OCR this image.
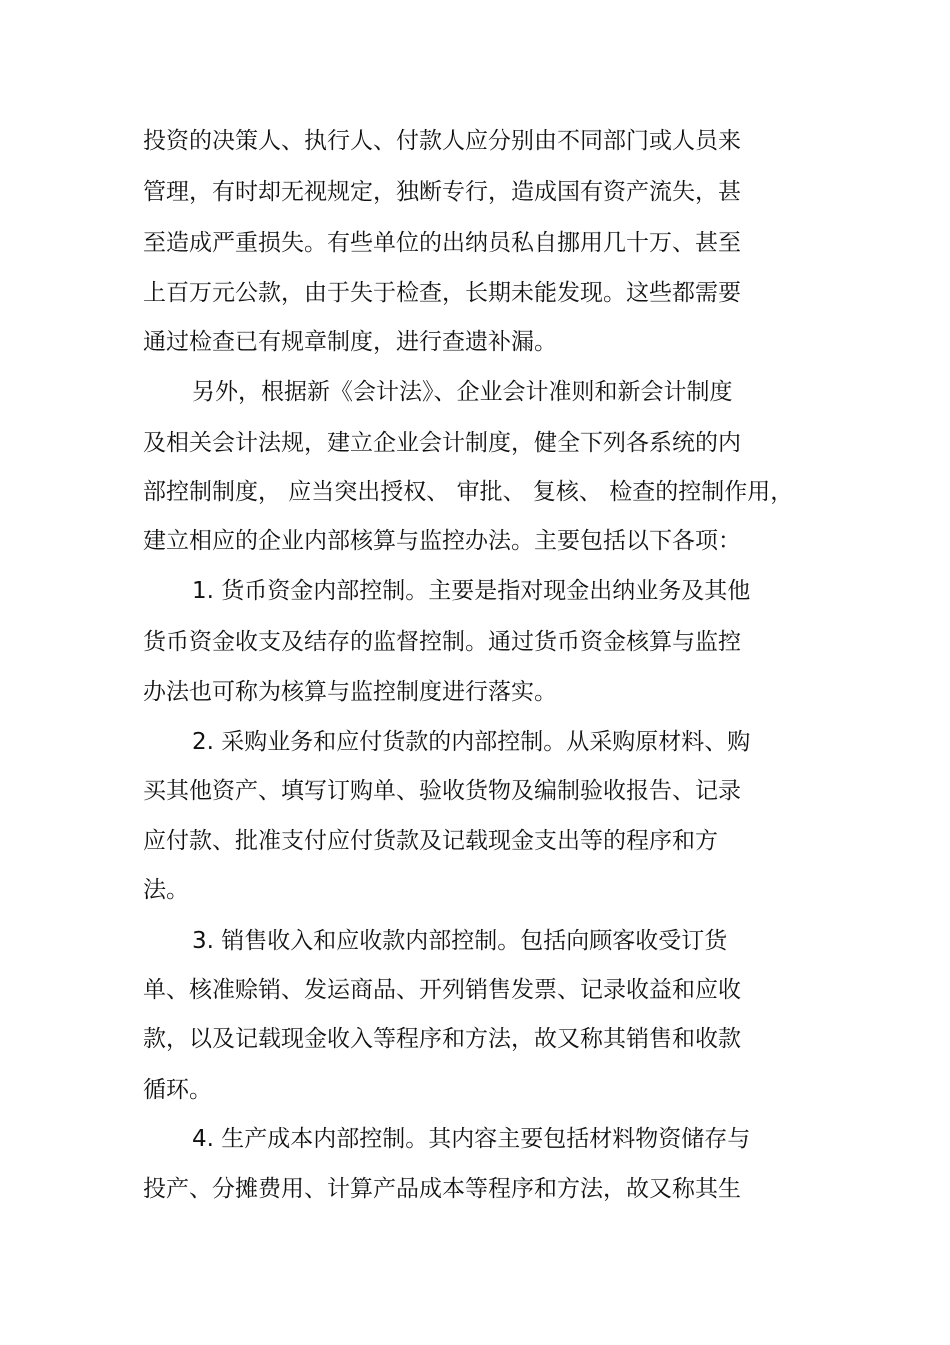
投资的决策人、执行人、付款人应分别由不同部门或人员来
管理，有时却无视规定，独断专行，造成国有资产流失，甚
至造成严重损失。有些单位的出纳员私自挪用几十万、甚至
上百万元公款，由于失于检查，长期未能发现。这些都需要
通过检查已有规章制度，进行查遗补漏。
另外，根据新《会计法》、企业会计准则和新会计制度
及相关会计法规，建立企业会计制度，健全下列各系统的内
部控制制度， 应当突出授权、 审批、 复核、 检查的控制作用，
建立相应的企业内部核算与监控办法。主要包括以下各项：
1. 货币资金内部控制。主要是指对现金出纳业务及其他
货币资金收支及结存的监督控制。通过货币资金核算与监控
办法也可称为核算与监控制度进行落实。
2. 采购业务和应付货款的内部控制。从采购原材料、购
买其他资产、填写订购单、验收货物及编制验收报告、记录
应付款、批准支付应付货款及记载现金支出等的程序和方
法。
3. 销售收入和应收款内部控制。包括向顾客收受订货
单、核准赊销、发运商品、开列销售发票、记录收益和应收
款，以及记载现金收入等程序和方法，故又称其销售和收款
循环。
4. 生产成本内部控制。其内容主要包括材料物资储存与
投产、分摊费用、计算产品成本等程序和方法，故又称其生
